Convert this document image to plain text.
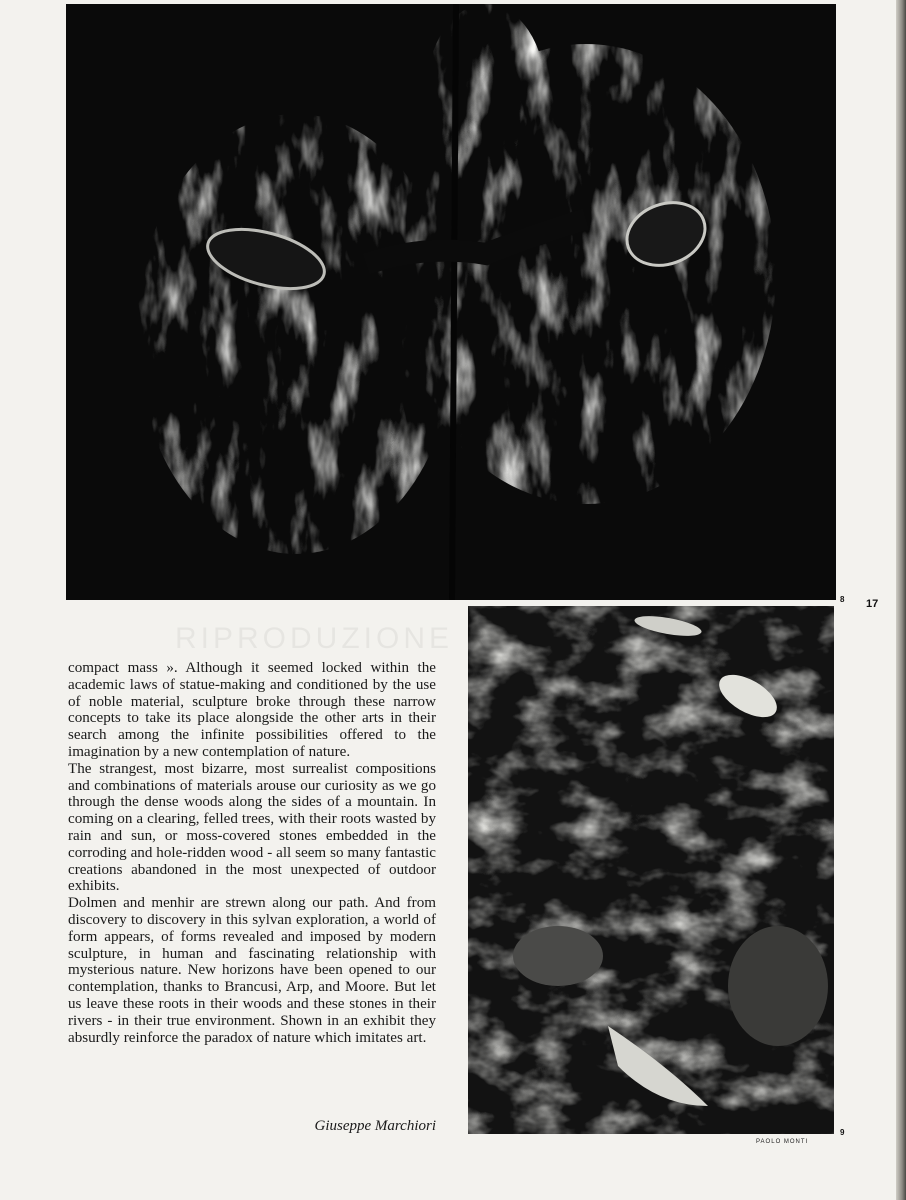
8 17
9
PAOLO MONTI
RIPRODUZIONE R

compact mass ». Although it seemed locked within the academic laws of statue-making and conditioned by the use of noble material, sculpture broke through these narrow concepts to take its place alongside the other arts in their search among the infinite possibilities offered to the imagination by a new contemplation of nature.

The strangest, most bizarre, most surrealist compositions and combinations of materials arouse our curiosity as we go through the dense woods along the sides of a mountain. In coming on a clearing, felled trees, with their roots wasted by rain and sun, or moss-covered stones embedded in the corroding and hole-ridden wood - all seem so many fantastic creations abandoned in the most unexpected of outdoor exhibits.

Dolmen and menhir are strewn along our path. And from discovery to discovery in this sylvan exploration, a world of form appears, of forms revealed and imposed by modern sculpture, in human and fascinating relationship with mysterious nature. New horizons have been opened to our contemplation, thanks to Brancusi, Arp, and Moore. But let us leave these roots in their woods and these stones in their rivers - in their true environment. Shown in an exhibit they absurdly reinforce the paradox of nature which imitates art.

Giuseppe Marchiori
